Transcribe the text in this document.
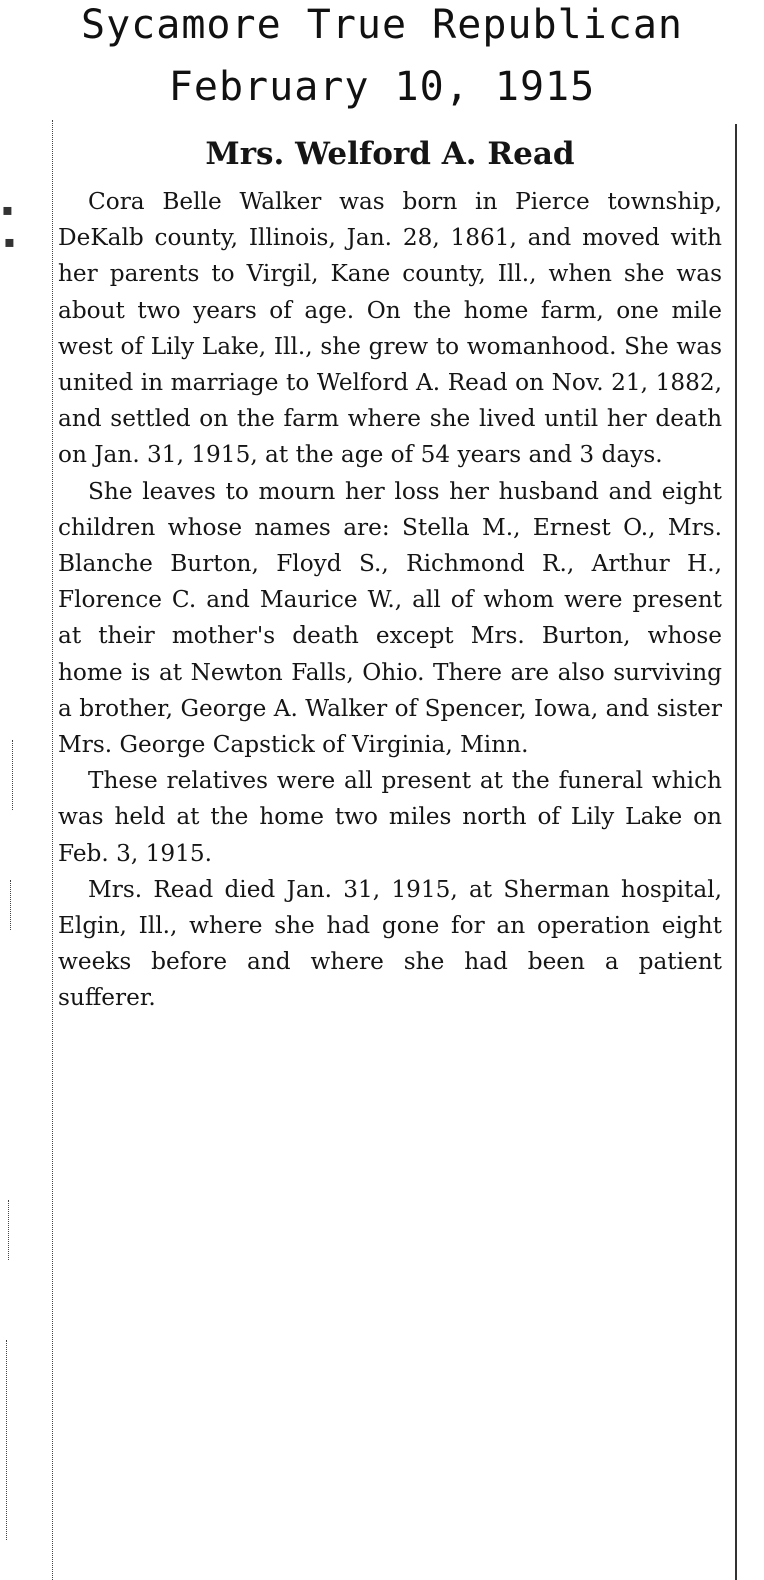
Sycamore True Republican
February 10, 1915
▪
▪
Mrs. Welford A. Read

Cora Belle Walker was born in Pierce township, DeKalb county, Illinois, Jan. 28, 1861, and moved with her parents to Virgil, Kane county, Ill., when she was about two years of age. On the home farm, one mile west of Lily Lake, Ill., she grew to womanhood. She was united in marriage to Welford A. Read on Nov. 21, 1882, and settled on the farm where she lived until her death on Jan. 31, 1915, at the age of 54 years and 3 days.

She leaves to mourn her loss her husband and eight children whose names are: Stella M., Ernest O., Mrs. Blanche Burton, Floyd S., Richmond R., Arthur H., Florence C. and Maurice W., all of whom were present at their mother's death except Mrs. Burton, whose home is at Newton Falls, Ohio. There are also surviving a brother, George A. Walker of Spencer, Iowa, and sister Mrs. George Capstick of Virginia, Minn.

These relatives were all present at the funeral which was held at the home two miles north of Lily Lake on Feb. 3, 1915.

Mrs. Read died Jan. 31, 1915, at Sherman hospital, Elgin, Ill., where she had gone for an operation eight weeks before and where she had been a patient sufferer.
